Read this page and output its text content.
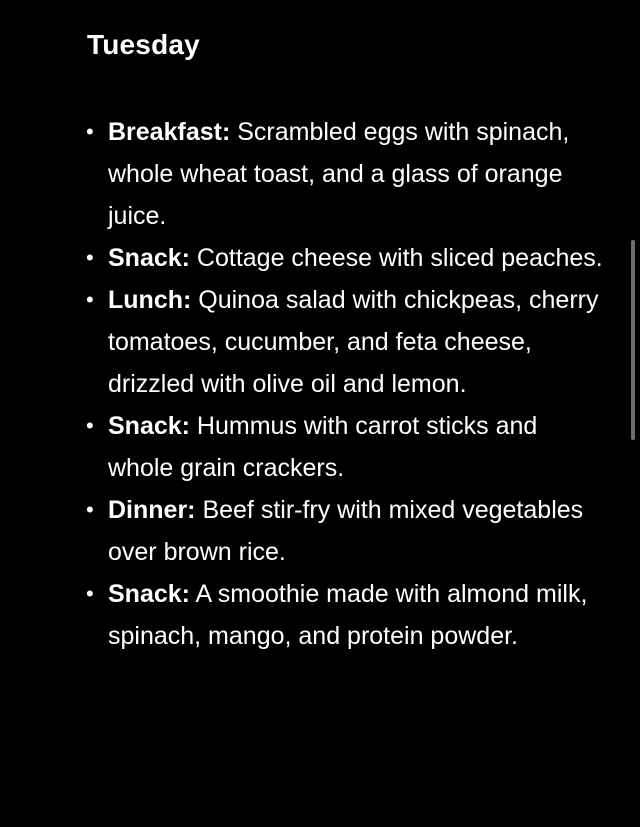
Tuesday
• Breakfast: Scrambled eggs with spinach, whole wheat toast, and a glass of orange juice.
• Snack: Cottage cheese with sliced peaches.
• Lunch: Quinoa salad with chickpeas, cherry tomatoes, cucumber, and feta cheese, drizzled with olive oil and lemon.
• Snack: Hummus with carrot sticks and whole grain crackers.
• Dinner: Beef stir-fry with mixed vegetables over brown rice.
• Snack: A smoothie made with almond milk, spinach, mango, and protein powder.
